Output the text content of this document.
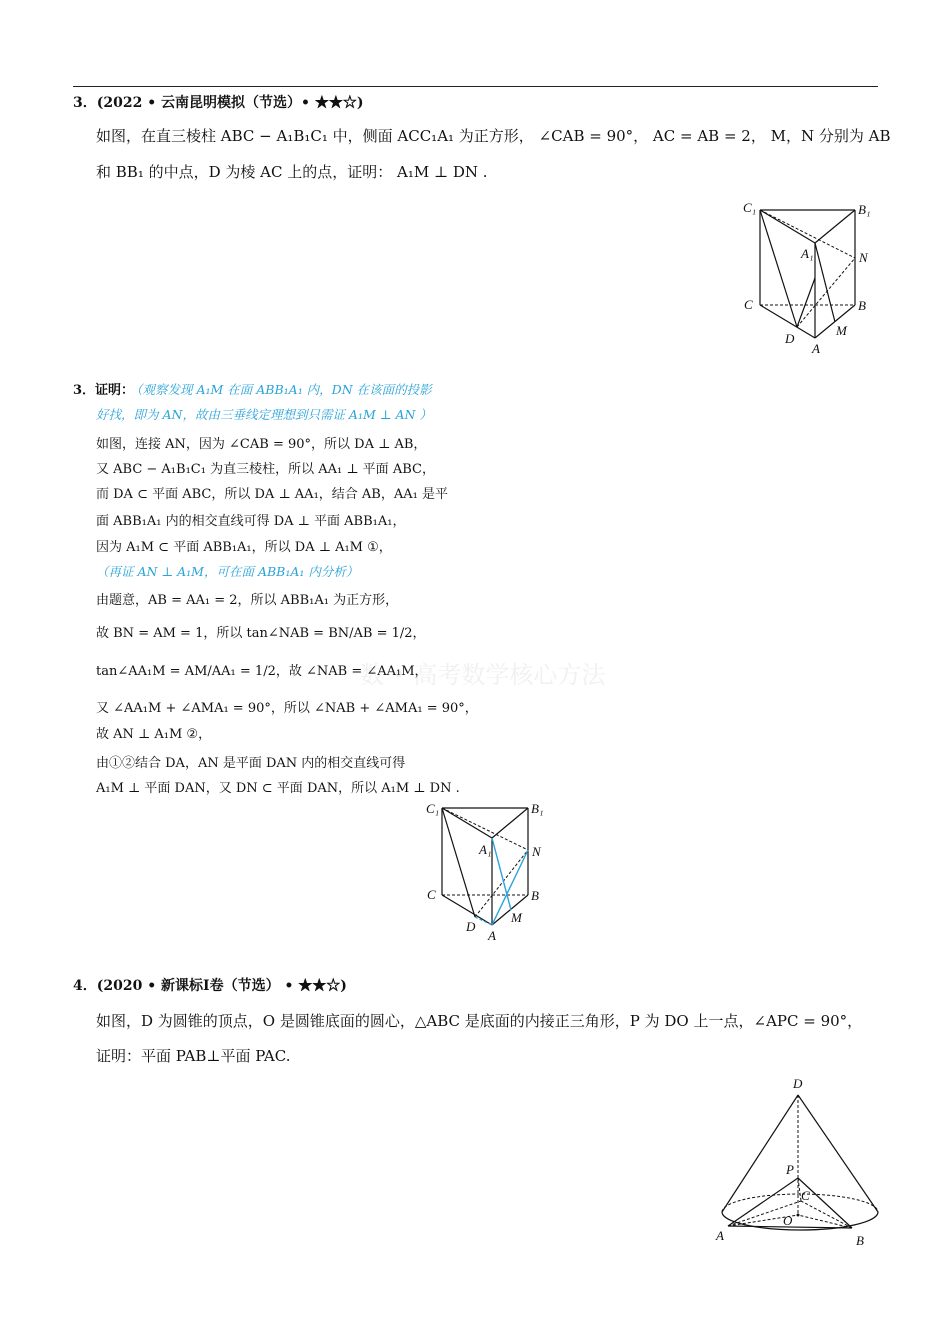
数 • 高考数学核心方法
3．(2022 • 云南昆明模拟（节选）• ★★☆)
如图，在直三棱柱 ABC − A₁B₁C₁ 中，侧面 ACC₁A₁ 为正方形， ∠CAB = 90°， AC = AB = 2， M，N 分别为 AB
和 BB₁ 的中点，D 为棱 AC 上的点，证明： A₁M ⊥ DN .
C₁	B₁
A₁	N
C	B
D
M
A
3．证明：
（观察发现 A₁M 在面 ABB₁A₁ 内，DN 在该面的投影
好找，即为 AN，故由三垂线定理想到只需证 A₁M ⊥ AN ）
如图，连接 AN，因为 ∠CAB = 90°，所以 DA ⊥ AB，
又 ABC − A₁B₁C₁ 为直三棱柱，所以 AA₁ ⊥ 平面 ABC，
而 DA ⊂ 平面 ABC，所以 DA ⊥ AA₁，结合 AB，AA₁ 是平
面 ABB₁A₁ 内的相交直线可得 DA ⊥ 平面 ABB₁A₁，
因为 A₁M ⊂ 平面 ABB₁A₁，所以 DA ⊥ A₁M ①，
（再证 AN ⊥ A₁M，可在面 ABB₁A₁ 内分析）
由题意，AB = AA₁ = 2，所以 ABB₁A₁ 为正方形，
故 BN = AM = 1，所以 tan∠NAB = BN/AB = 1/2，
tan∠AA₁M = AM/AA₁ = 1/2，故 ∠NAB = ∠AA₁M，
又 ∠AA₁M + ∠AMA₁ = 90°，所以 ∠NAB + ∠AMA₁ = 90°，
故 AN ⊥ A₁M ②，
由①②结合 DA，AN 是平面 DAN 内的相交直线可得
A₁M ⊥ 平面 DAN，又 DN ⊂ 平面 DAN，所以 A₁M ⊥ DN .
C₁	B₁
A₁	N
C	B
D
M
A
4．(2020 • 新课标Ⅰ卷（节选） • ★★☆)
如图，D 为圆锥的顶点，O 是圆锥底面的圆心，△ABC 是底面的内接正三角形，P 为 DO 上一点，∠APC = 90°，
证明：平面 PAB⊥平面 PAC.
D
P
C
O
A	B
